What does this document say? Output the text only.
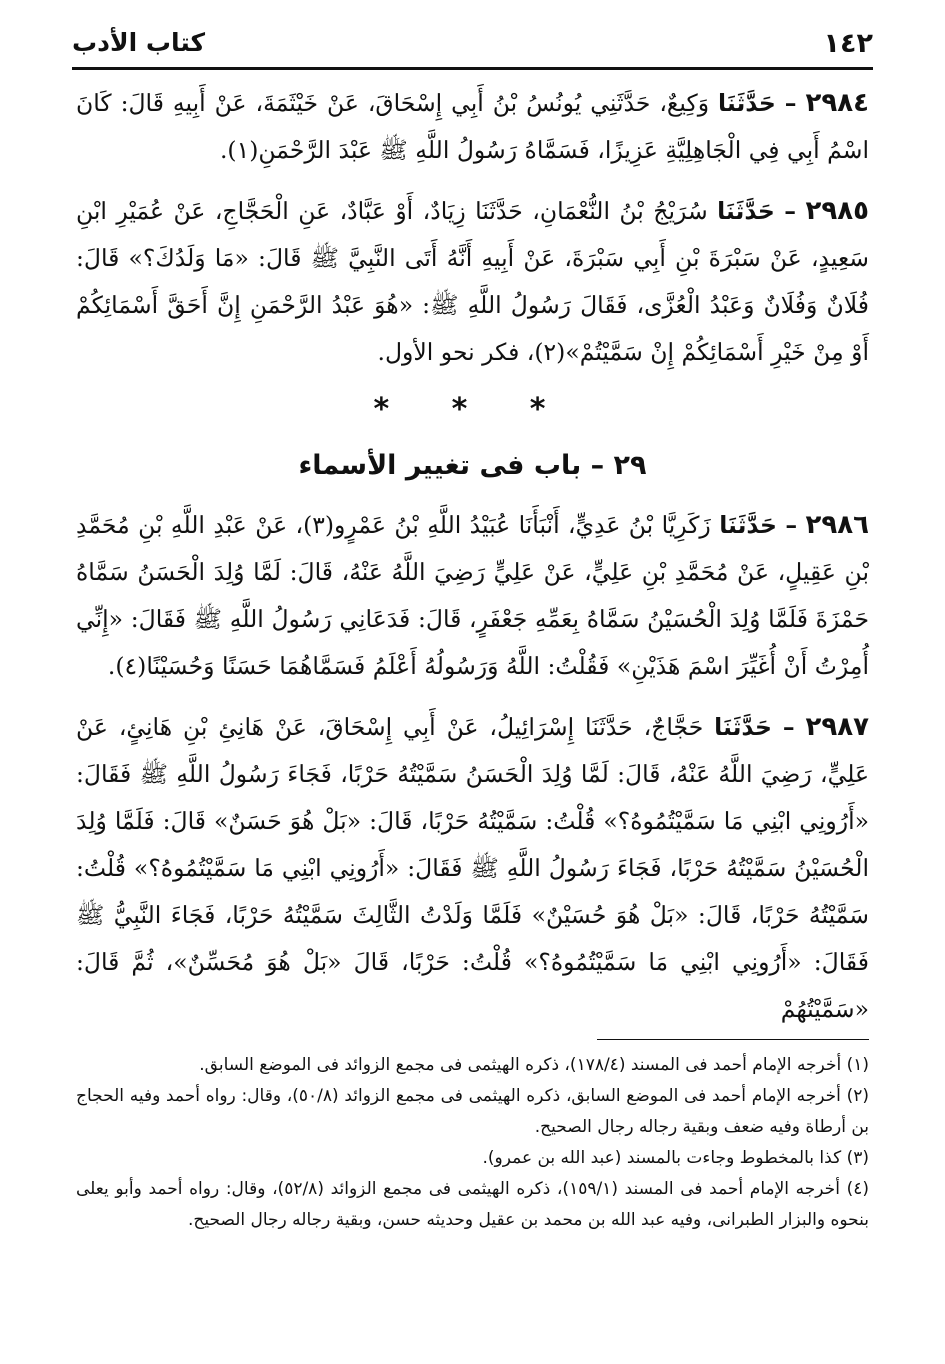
١٤٢
كتاب الأدب

٢٩٨٤ – حَدَّثَنَا وَكِيعٌ، حَدَّثَنِي يُونُسُ بْنُ أَبِي إِسْحَاقَ، عَنْ خَيْثَمَةَ، عَنْ أَبِيهِ قَالَ: كَانَ اسْمُ أَبِي فِي الْجَاهِلِيَّةِ عَزِيزًا، فَسَمَّاهُ رَسُولُ اللَّهِ ﷺ عَبْدَ الرَّحْمَنِ(١).

٢٩٨٥ – حَدَّثَنَا سُرَيْجُ بْنُ النُّعْمَانِ، حَدَّثَنَا زِيَادٌ، أَوْ عَبَّادٌ، عَنِ الْحَجَّاجِ، عَنْ عُمَيْرِ ابْنِ سَعِيدٍ، عَنْ سَبْرَةَ بْنِ أَبِي سَبْرَةَ، عَنْ أَبِيهِ أَنَّهُ أَتَى النَّبِيَّ ﷺ قَالَ: «مَا وَلَدُكَ؟» قَالَ: فُلَانٌ وَفُلَانٌ وَعَبْدُ الْعُزَّى، فَقَالَ رَسُولُ اللَّهِ ﷺ: «هُوَ عَبْدُ الرَّحْمَنِ إِنَّ أَحَقَّ أَسْمَائِكُمْ أَوْ مِنْ خَيْرِ أَسْمَائِكُمْ إِنْ سَمَّيْتُمْ»(٢)، فكر نحو الأول.

* * *
٢٩ – باب فى تغيير الأسماء

٢٩٨٦ – حَدَّثَنَا زَكَرِيَّا بْنُ عَدِيٍّ، أَنْبَأَنَا عُبَيْدُ اللَّهِ بْنُ عَمْرٍو(٣)، عَنْ عَبْدِ اللَّهِ بْنِ مُحَمَّدِ بْنِ عَقِيلٍ، عَنْ مُحَمَّدِ بْنِ عَلِيٍّ، عَنْ عَلِيٍّ رَضِيَ اللَّهُ عَنْهُ، قَالَ: لَمَّا وُلِدَ الْحَسَنُ سَمَّاهُ حَمْزَةَ فَلَمَّا وُلِدَ الْحُسَيْنُ سَمَّاهُ بِعَمِّهِ جَعْفَرٍ، قَالَ: فَدَعَانِي رَسُولُ اللَّهِ ﷺ فَقَالَ: «إِنِّي أُمِرْتُ أَنْ أُغَيِّرَ اسْمَ هَذَيْنِ» فَقُلْتُ: اللَّهُ وَرَسُولُهُ أَعْلَمُ فَسَمَّاهُمَا حَسَنًا وَحُسَيْنًا(٤).

٢٩٨٧ – حَدَّثَنَا حَجَّاجٌ، حَدَّثَنَا إِسْرَائِيلُ، عَنْ أَبِي إِسْحَاقَ، عَنْ هَانِئِ بْنِ هَانِئٍ، عَنْ عَلِيٍّ، رَضِيَ اللَّهُ عَنْهُ، قَالَ: لَمَّا وُلِدَ الْحَسَنُ سَمَّيْتُهُ حَرْبًا، فَجَاءَ رَسُولُ اللَّهِ ﷺ فَقَالَ: «أَرُونِي ابْنِي مَا سَمَّيْتُمُوهُ؟» قُلْتُ: سَمَّيْتُهُ حَرْبًا، قَالَ: «بَلْ هُوَ حَسَنٌ» قَالَ: فَلَمَّا وُلِدَ الْحُسَيْنُ سَمَّيْتُهُ حَرْبًا، فَجَاءَ رَسُولُ اللَّهِ ﷺ فَقَالَ: «أَرُونِي ابْنِي مَا سَمَّيْتُمُوهُ؟» قُلْتُ: سَمَّيْتُهُ حَرْبًا، قَالَ: «بَلْ هُوَ حُسَيْنٌ» فَلَمَّا وَلَدْتُ الثَّالِثَ سَمَّيْتُهُ حَرْبًا، فَجَاءَ النَّبِيُّ ﷺ فَقَالَ: «أَرُونِي ابْنِي مَا سَمَّيْتُمُوهُ؟» قُلْتُ: حَرْبًا، قَالَ «بَلْ هُوَ مُحَسِّنٌ»، ثُمَّ قَالَ: «سَمَّيْتُهُمْ

(١) أخرجه الإمام أحمد فى المسند (١٧٨/٤)، ذكره الهيثمى فى مجمع الزوائد فى الموضع السابق.

(٢) أخرجه الإمام أحمد فى الموضع السابق، ذكره الهيثمى فى مجمع الزوائد (٥٠/٨)، وقال: رواه أحمد وفيه الحجاج بن أرطاة وفيه ضعف وبقية رجاله رجال الصحيح.

(٣) كذا بالمخطوط وجاءت بالمسند (عبد الله بن عمرو).

(٤) أخرجه الإمام أحمد فى المسند (١٥٩/١)، ذكره الهيثمى فى مجمع الزوائد (٥٢/٨)، وقال: رواه أحمد وأبو يعلى بنحوه والبزار الطبرانى، وفيه عبد الله بن محمد بن عقيل وحديثه حسن، وبقية رجاله رجال الصحيح.
